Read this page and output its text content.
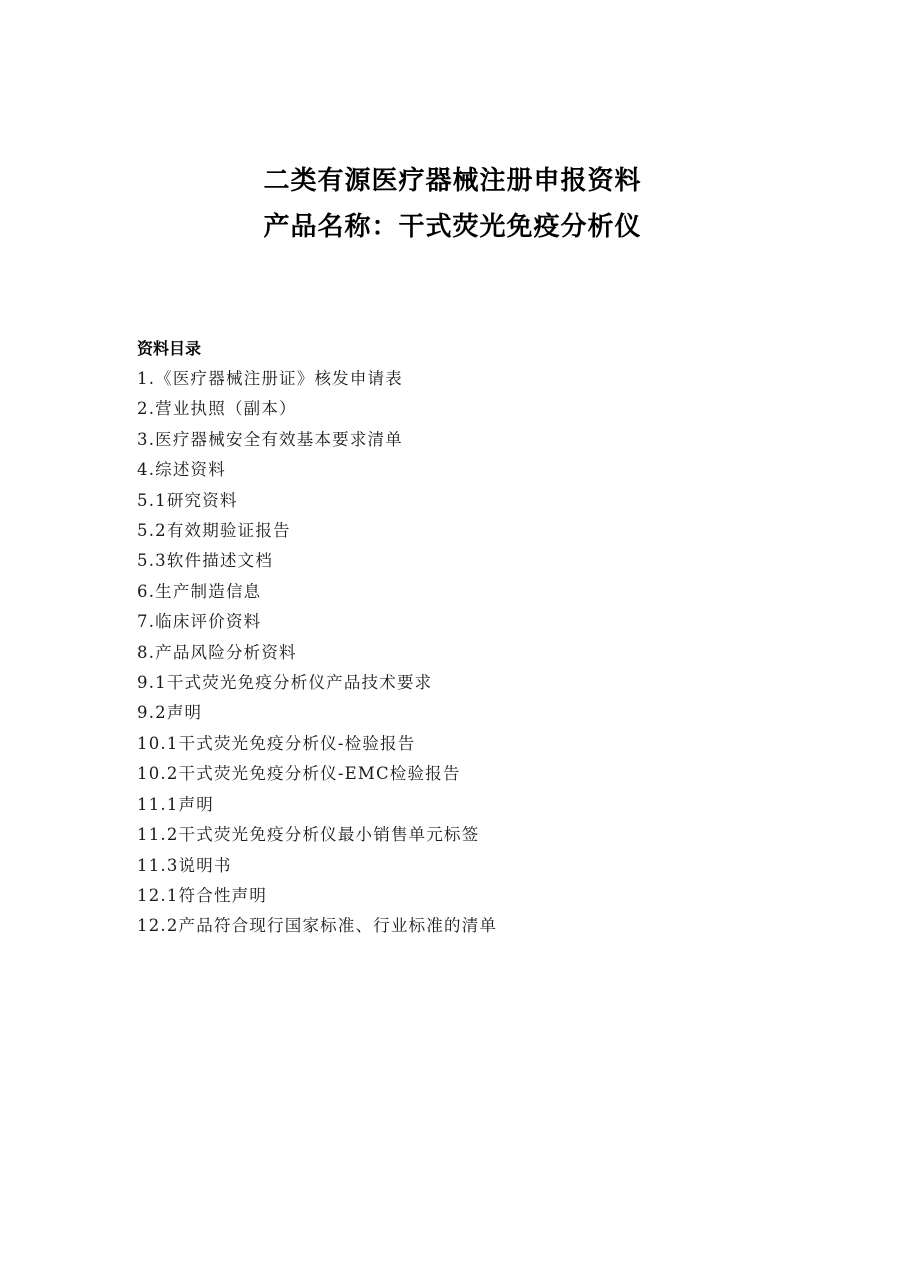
二类有源医疗器械注册申报资料
产品名称：干式荧光免疫分析仪
资料目录
1.《医疗器械注册证》核发申请表
2.营业执照（副本）
3.医疗器械安全有效基本要求清单
4.综述资料
5.1研究资料
5.2有效期验证报告
5.3软件描述文档
6.生产制造信息
7.临床评价资料
8.产品风险分析资料
9.1干式荧光免疫分析仪产品技术要求
9.2声明
10.1干式荧光免疫分析仪-检验报告
10.2干式荧光免疫分析仪-EMC检验报告
11.1声明
11.2干式荧光免疫分析仪最小销售单元标签
11.3说明书
12.1符合性声明
12.2产品符合现行国家标准、行业标准的清单
